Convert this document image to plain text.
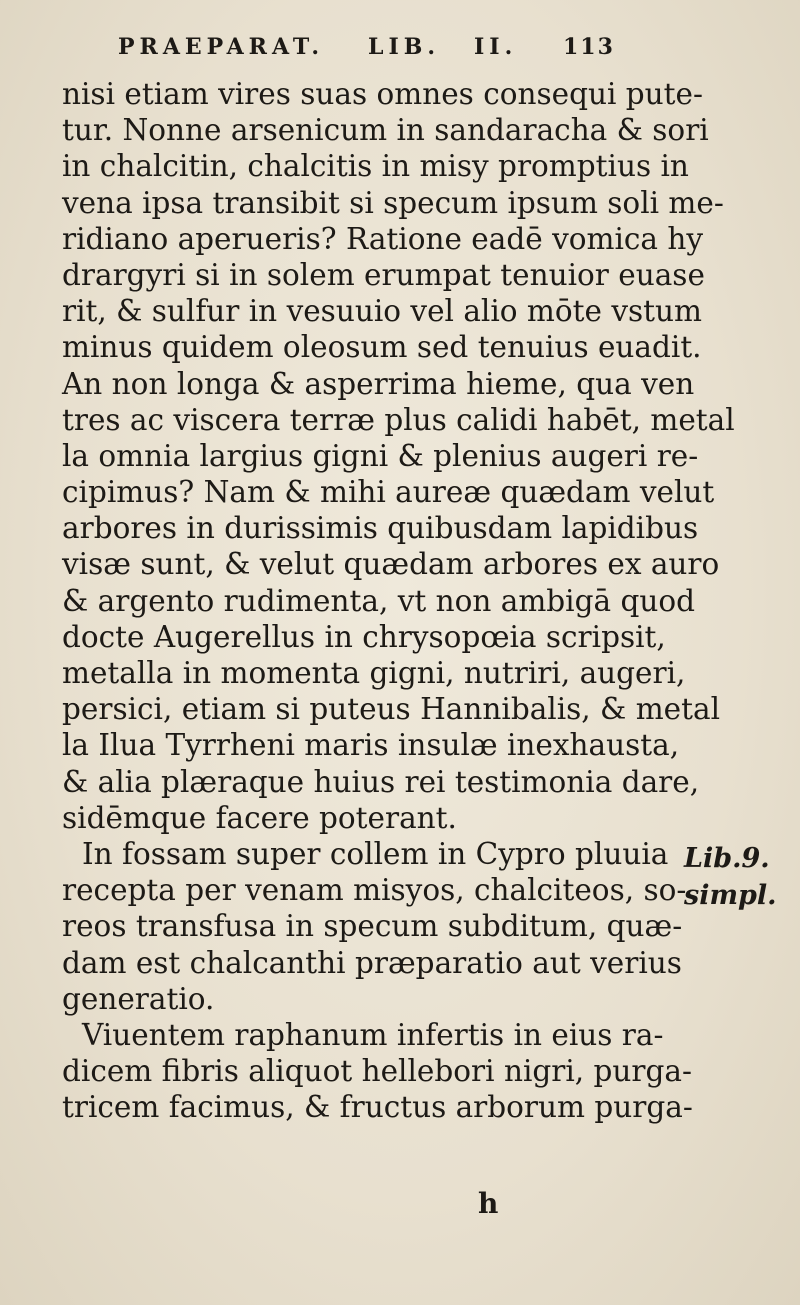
PRAEPARAT. LIB. II. 113
nisi etiam vires suas omnes consequi pute-
tur. Nonne arsenicum in sandaracha & sori
in chalcitin, chalcitis in misy promptius in
vena ipsa transibit si specum ipsum soli me-
ridiano aperueris? Ratione eadē vomica hy
drargyri si in solem erumpat tenuior euase
rit, & sulfur in vesuuio vel alio mōte vstum
minus quidem oleosum sed tenuius euadit.
An non longa & asperrima hieme, qua ven
tres ac viscera terræ plus calidi habēt, metal
la omnia largius gigni & plenius augeri re-
cipimus? Nam & mihi aureæ quædam velut
arbores in durissimis quibusdam lapidibus
visæ sunt, & velut quædam arbores ex auro
& argento rudimenta, vt non ambigā quod
docte Augerellus in chrysopœia scripsit,
metalla in momenta gigni, nutriri, augeri,
persici, etiam si puteus Hannibalis, & metal
la Ilua Tyrrheni maris insulæ inexhausta,
& alia plæraque huius rei testimonia dare,
sidēmque facere poterant.
In fossam super collem in Cypro pluuia
recepta per venam misyos, chalciteos, so-
reos transfusa in specum subditum, quæ-
dam est chalcanthi præparatio aut verius
generatio.
Viuentem raphanum infertis in eius ra-
dicem fibris aliquot hellebori nigri, purga-
tricem facimus, & fructus arborum purga-
Lib.9.
simpl.
h
